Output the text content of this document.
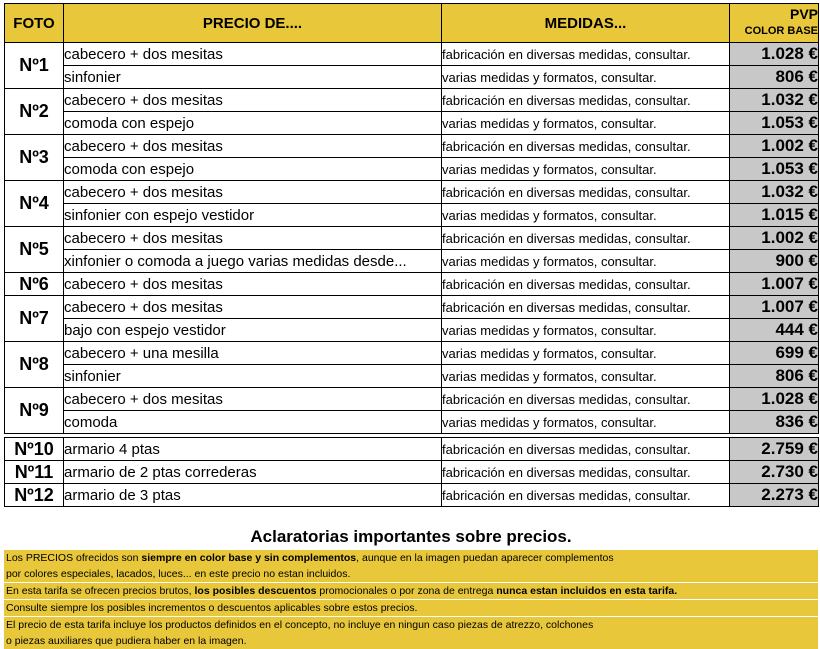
FOTO	PRECIO DE....	MEDIDAS...	PVP
COLOR BASE

Nº1	cabecero + dos mesitas	fabricación en diversas medidas, consultar.	1.028 €
	sinfonier	varias medidas y formatos, consultar.	806 €
Nº2	cabecero + dos mesitas	fabricación en diversas medidas, consultar.	1.032 €
	comoda con espejo	varias medidas y formatos, consultar.	1.053 €
Nº3	cabecero + dos mesitas	fabricación en diversas medidas, consultar.	1.002 €
	comoda con espejo	varias medidas y formatos, consultar.	1.053 €
Nº4	cabecero + dos mesitas	fabricación en diversas medidas, consultar.	1.032 €
	sinfonier con espejo vestidor	varias medidas y formatos, consultar.	1.015 €
Nº5	cabecero + dos mesitas	fabricación en diversas medidas, consultar.	1.002 €
	xinfonier o comoda a juego varias medidas desde...	varias medidas y formatos, consultar.	900 €
Nº6	cabecero + dos mesitas	fabricación en diversas medidas, consultar.	1.007 €
Nº7	cabecero + dos mesitas	fabricación en diversas medidas, consultar.	1.007 €
	bajo con espejo vestidor	varias medidas y formatos, consultar.	444 €
Nº8	cabecero + una mesilla	varias medidas y formatos, consultar.	699 €
	sinfonier	varias medidas y formatos, consultar.	806 €
Nº9	cabecero + dos mesitas	fabricación en diversas medidas, consultar.	1.028 €
	comoda	varias medidas y formatos, consultar.	836 €

Nº10	armario 4 ptas	fabricación en diversas medidas, consultar.	2.759 €
Nº11	armario de 2 ptas correderas	fabricación en diversas medidas, consultar.	2.730 €
Nº12	armario de 3 ptas	fabricación en diversas medidas, consultar.	2.273 €
Aclaratorias importantes sobre precios.
Los PRECIOS ofrecidos son siempre en color base y sin complementos, aunque en la imagen puedan aparecer complementos
por colores especiales, lacados, luces... en este precio no estan incluidos.
En esta tarifa se ofrecen precios brutos, los posibles descuentos promocionales o por zona de entrega nunca estan incluidos en esta tarifa.
Consulte siempre los posibles incrementos o descuentos aplicables sobre estos precios.
El precio de esta tarifa incluye los productos definidos en el concepto, no incluye en ningun caso piezas de atrezzo, colchones
o piezas auxiliares que pudiera haber en la imagen.
